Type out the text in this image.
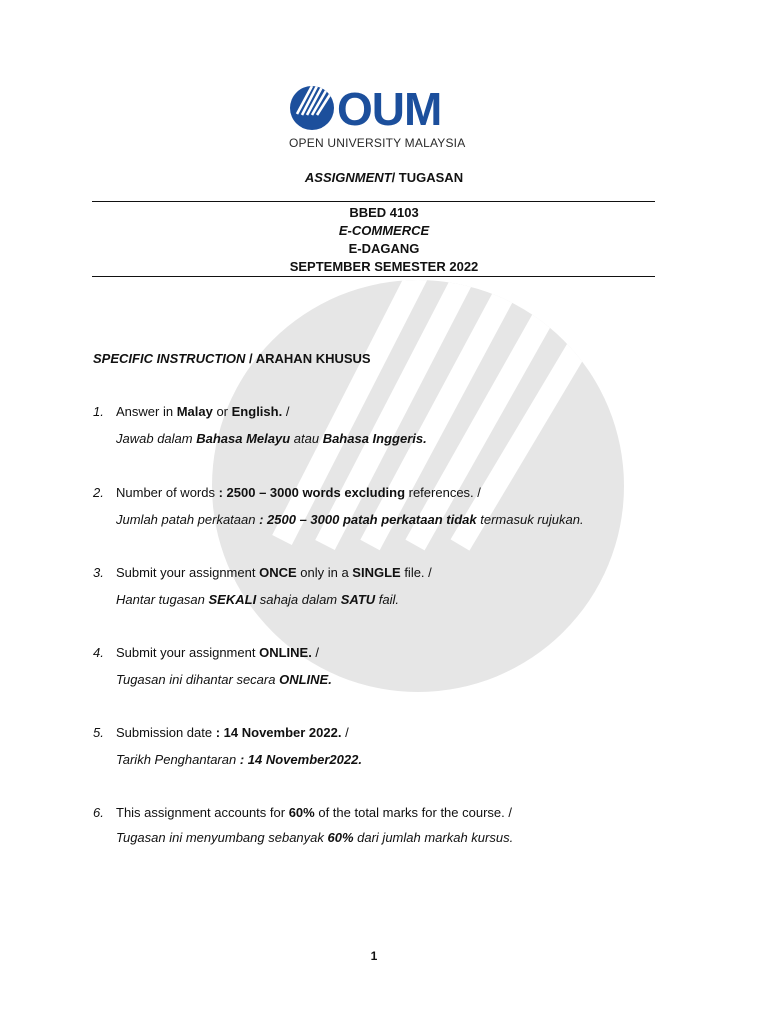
OUM
OPEN UNIVERSITY MALAYSIA
ASSIGNMENT/ TUGASAN
BBED 4103
E-COMMERCE
E-DAGANG
SEPTEMBER SEMESTER 2022
SPECIFIC INSTRUCTION / ARAHAN KHUSUS
1. Answer in Malay or English. /
Jawab dalam Bahasa Melayu atau Bahasa Inggeris.
2. Number of words : 2500 – 3000 words excluding references. /
Jumlah patah perkataan : 2500 – 3000 patah perkataan tidak termasuk rujukan.
3. Submit your assignment ONCE only in a SINGLE file. /
Hantar tugasan SEKALI sahaja dalam SATU fail.
4. Submit your assignment ONLINE. /
Tugasan ini dihantar secara ONLINE.
5. Submission date : 14 November 2022. /
Tarikh Penghantaran : 14 November2022.
6. This assignment accounts for 60% of the total marks for the course. /
Tugasan ini menyumbang sebanyak 60% dari jumlah markah kursus.
1
